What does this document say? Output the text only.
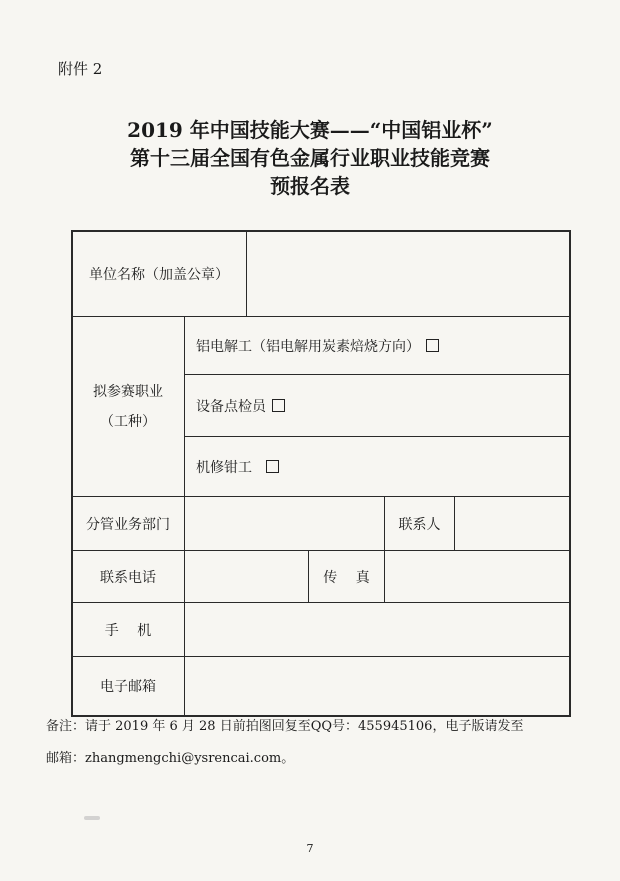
附件 2
2019 年中国技能大赛——“中国铝业杯”
第十三届全国有色金属行业职业技能竞赛
预报名表
单位名称（加盖公章）
拟参赛职业
（工种）
铝电解工（铝电解用炭素焙烧方向）
设备点检员
机修钳工
分管业务部门	联系人
联系电话	传　 真
手　 机
电子邮箱
备注：请于 2019 年 6 月 28 日前拍图回复至QQ号：455945106，电子版请发至
邮箱：zhangmengchi@ysrencai.com。
7
